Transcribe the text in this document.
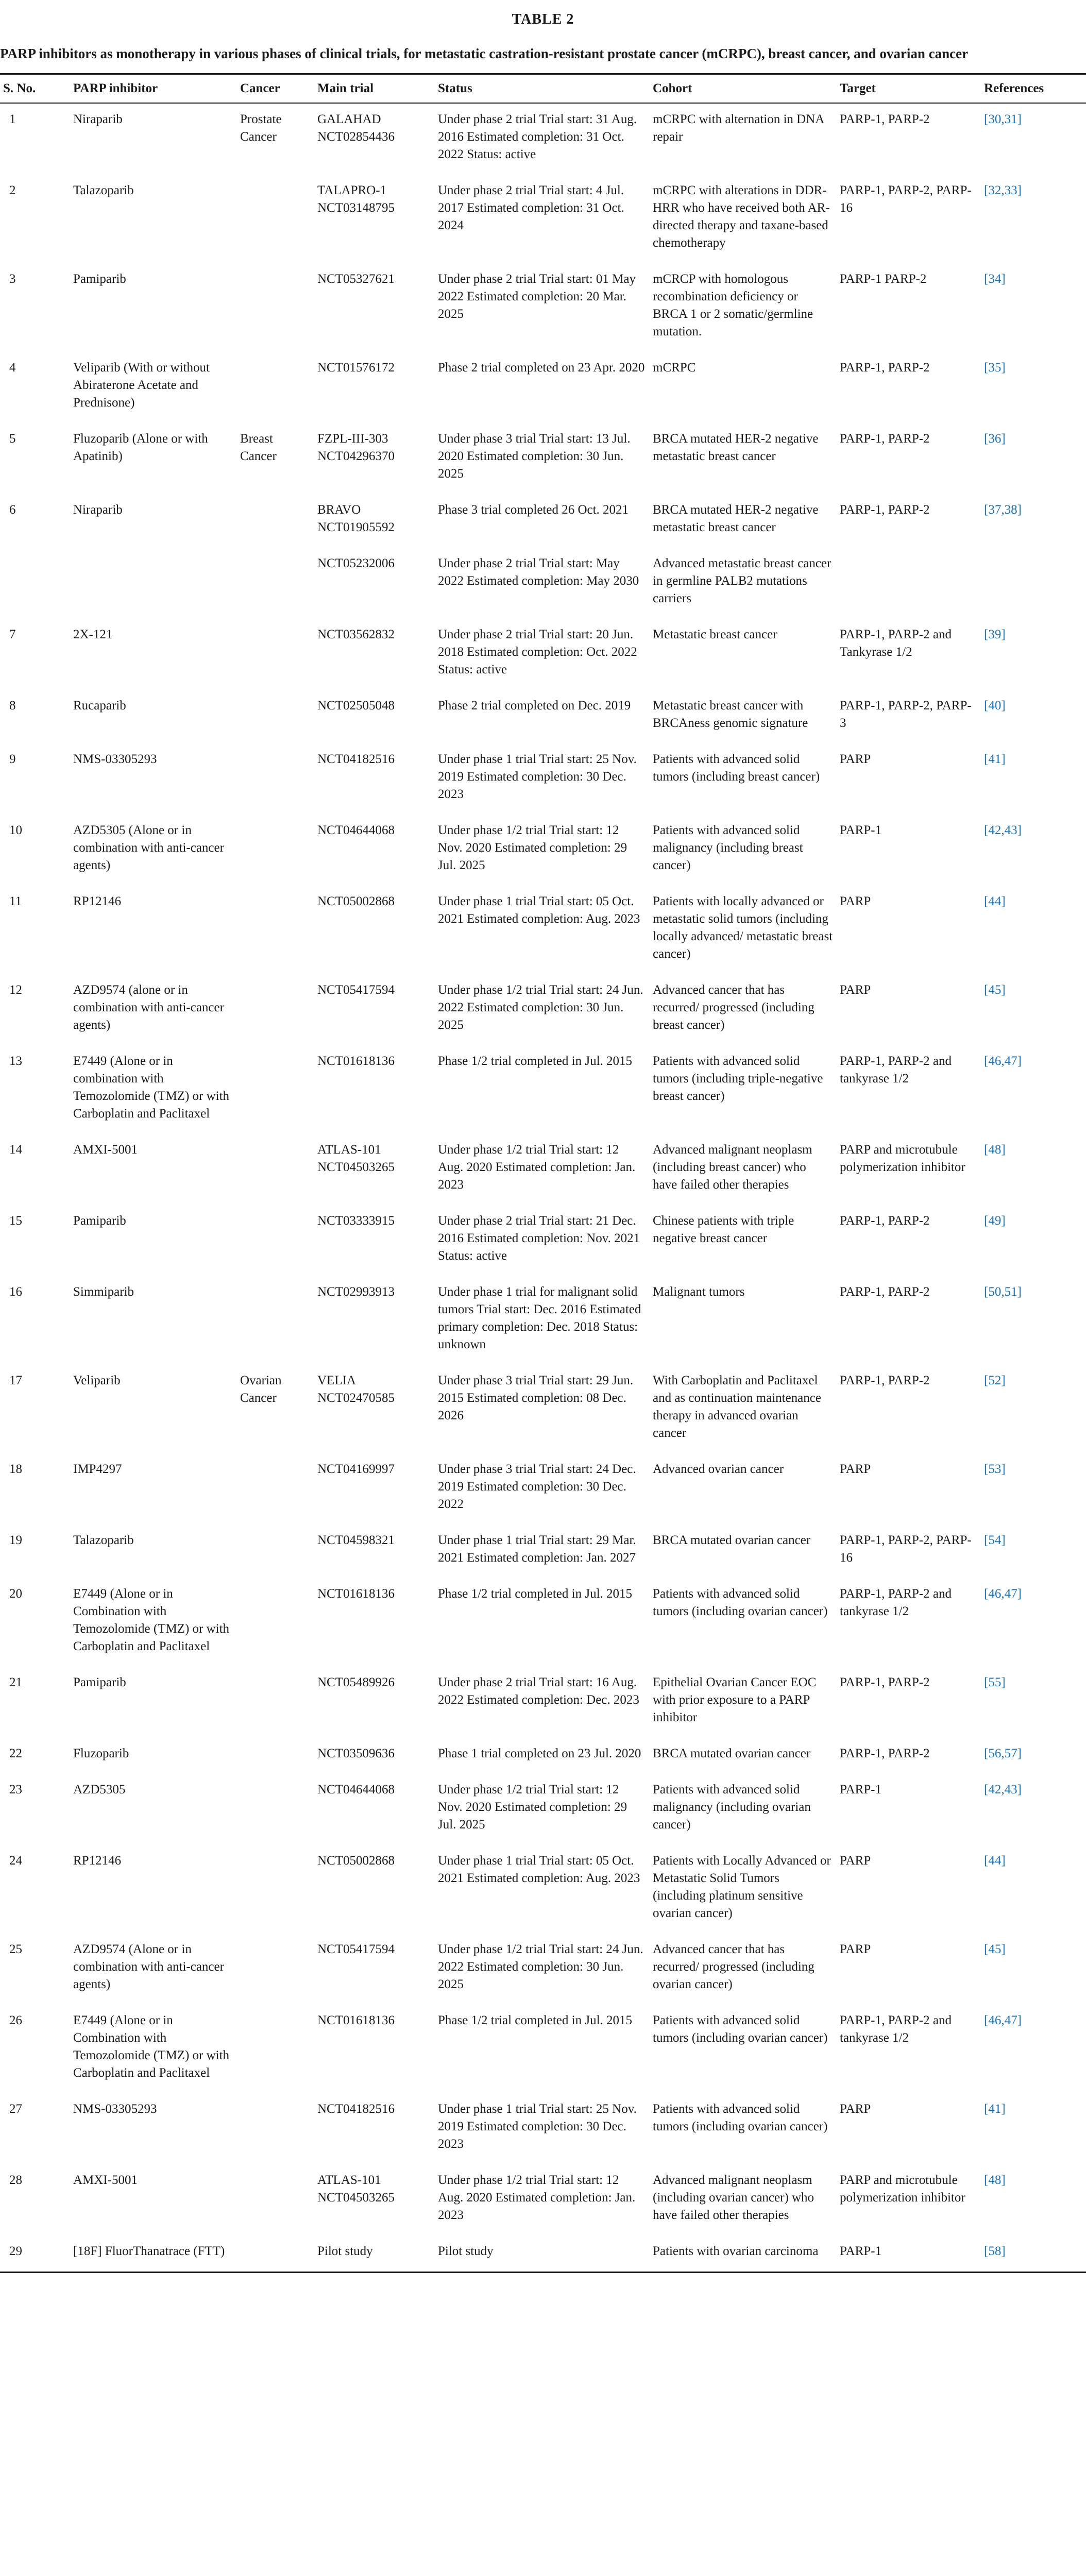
TABLE 2
PARP inhibitors as monotherapy in various phases of clinical trials, for metastatic castration-resistant prostate cancer (mCRPC), breast cancer, and ovarian cancer
S. No.	PARP inhibitor	Cancer	Main trial	Status	Cohort	Target	References
1	Niraparib	Prostate Cancer	GALAHAD NCT02854436	Under phase 2 trial Trial start: 31 Aug. 2016 Estimated completion: 31 Oct. 2022 Status: active	mCRPC with alternation in DNA repair	PARP-1, PARP-2	[30,31]
2	Talazoparib		TALAPRO-1 NCT03148795	Under phase 2 trial Trial start: 4 Jul. 2017 Estimated completion: 31 Oct. 2024	mCRPC with alterations in DDR-HRR who have received both AR-directed therapy and taxane-based chemotherapy	PARP-1, PARP-2, PARP-16	[32,33]
3	Pamiparib		NCT05327621	Under phase 2 trial Trial start: 01 May 2022 Estimated completion: 20 Mar. 2025	mCRCP with homologous recombination deficiency or BRCA 1 or 2 somatic/germline mutation.	PARP-1 PARP-2	[34]
4	Veliparib (With or without Abiraterone Acetate and Prednisone)		NCT01576172	Phase 2 trial completed on 23 Apr. 2020	mCRPC	PARP-1, PARP-2	[35]
5	Fluzoparib (Alone or with Apatinib)	Breast Cancer	FZPL-III-303 NCT04296370	Under phase 3 trial Trial start: 13 Jul. 2020 Estimated completion: 30 Jun. 2025	BRCA mutated HER-2 negative metastatic breast cancer	PARP-1, PARP-2	[36]
6	Niraparib		BRAVO NCT01905592	Phase 3 trial completed 26 Oct. 2021	BRCA mutated HER-2 negative metastatic breast cancer	PARP-1, PARP-2	[37,38]
			NCT05232006	Under phase 2 trial Trial start: May 2022 Estimated completion: May 2030	Advanced metastatic breast cancer in germline PALB2 mutations carriers		
7	2X-121		NCT03562832	Under phase 2 trial Trial start: 20 Jun. 2018 Estimated completion: Oct. 2022 Status: active	Metastatic breast cancer	PARP-1, PARP-2 and Tankyrase 1/2	[39]
8	Rucaparib		NCT02505048	Phase 2 trial completed on Dec. 2019	Metastatic breast cancer with BRCAness genomic signature	PARP-1, PARP-2, PARP-3	[40]
9	NMS-03305293		NCT04182516	Under phase 1 trial Trial start: 25 Nov. 2019 Estimated completion: 30 Dec. 2023	Patients with advanced solid tumors (including breast cancer)	PARP	[41]
10	AZD5305 (Alone or in combination with anti-cancer agents)		NCT04644068	Under phase 1/2 trial Trial start: 12 Nov. 2020 Estimated completion: 29 Jul. 2025	Patients with advanced solid malignancy (including breast cancer)	PARP-1	[42,43]
11	RP12146		NCT05002868	Under phase 1 trial Trial start: 05 Oct. 2021 Estimated completion: Aug. 2023	Patients with locally advanced or metastatic solid tumors (including locally advanced/ metastatic breast cancer)	PARP	[44]
12	AZD9574 (alone or in combination with anti-cancer agents)		NCT05417594	Under phase 1/2 trial Trial start: 24 Jun. 2022 Estimated completion: 30 Jun. 2025	Advanced cancer that has recurred/ progressed (including breast cancer)	PARP	[45]
13	E7449 (Alone or in combination with Temozolomide (TMZ) or with Carboplatin and Paclitaxel		NCT01618136	Phase 1/2 trial completed in Jul. 2015	Patients with advanced solid tumors (including triple-negative breast cancer)	PARP-1, PARP-2 and tankyrase 1/2	[46,47]
14	AMXI-5001		ATLAS-101 NCT04503265	Under phase 1/2 trial Trial start: 12 Aug. 2020 Estimated completion: Jan. 2023	Advanced malignant neoplasm (including breast cancer) who have failed other therapies	PARP and microtubule polymerization inhibitor	[48]
15	Pamiparib		NCT03333915	Under phase 2 trial Trial start: 21 Dec. 2016 Estimated completion: Nov. 2021 Status: active	Chinese patients with triple negative breast cancer	PARP-1, PARP-2	[49]
16	Simmiparib		NCT02993913	Under phase 1 trial for malignant solid tumors Trial start: Dec. 2016 Estimated primary completion: Dec. 2018 Status: unknown	Malignant tumors	PARP-1, PARP-2	[50,51]
17	Veliparib	Ovarian Cancer	VELIA NCT02470585	Under phase 3 trial Trial start: 29 Jun. 2015 Estimated completion: 08 Dec. 2026	With Carboplatin and Paclitaxel and as continuation maintenance therapy in advanced ovarian cancer	PARP-1, PARP-2	[52]
18	IMP4297		NCT04169997	Under phase 3 trial Trial start: 24 Dec. 2019 Estimated completion: 30 Dec. 2022	Advanced ovarian cancer	PARP	[53]
19	Talazoparib		NCT04598321	Under phase 1 trial Trial start: 29 Mar. 2021 Estimated completion: Jan. 2027	BRCA mutated ovarian cancer	PARP-1, PARP-2, PARP-16	[54]
20	E7449 (Alone or in Combination with Temozolomide (TMZ) or with Carboplatin and Paclitaxel		NCT01618136	Phase 1/2 trial completed in Jul. 2015	Patients with advanced solid tumors (including ovarian cancer)	PARP-1, PARP-2 and tankyrase 1/2	[46,47]
21	Pamiparib		NCT05489926	Under phase 2 trial Trial start: 16 Aug. 2022 Estimated completion: Dec. 2023	Epithelial Ovarian Cancer EOC with prior exposure to a PARP inhibitor	PARP-1, PARP-2	[55]
22	Fluzoparib		NCT03509636	Phase 1 trial completed on 23 Jul. 2020	BRCA mutated ovarian cancer	PARP-1, PARP-2	[56,57]
23	AZD5305		NCT04644068	Under phase 1/2 trial Trial start: 12 Nov. 2020 Estimated completion: 29 Jul. 2025	Patients with advanced solid malignancy (including ovarian cancer)	PARP-1	[42,43]
24	RP12146		NCT05002868	Under phase 1 trial Trial start: 05 Oct. 2021 Estimated completion: Aug. 2023	Patients with Locally Advanced or Metastatic Solid Tumors (including platinum sensitive ovarian cancer)	PARP	[44]
25	AZD9574 (Alone or in combination with anti-cancer agents)		NCT05417594	Under phase 1/2 trial Trial start: 24 Jun. 2022 Estimated completion: 30 Jun. 2025	Advanced cancer that has recurred/ progressed (including ovarian cancer)	PARP	[45]
26	E7449 (Alone or in Combination with Temozolomide (TMZ) or with Carboplatin and Paclitaxel		NCT01618136	Phase 1/2 trial completed in Jul. 2015	Patients with advanced solid tumors (including ovarian cancer)	PARP-1, PARP-2 and tankyrase 1/2	[46,47]
27	NMS-03305293		NCT04182516	Under phase 1 trial Trial start: 25 Nov. 2019 Estimated completion: 30 Dec. 2023	Patients with advanced solid tumors (including ovarian cancer)	PARP	[41]
28	AMXI-5001		ATLAS-101 NCT04503265	Under phase 1/2 trial Trial start: 12 Aug. 2020 Estimated completion: Jan. 2023	Advanced malignant neoplasm (including ovarian cancer) who have failed other therapies	PARP and microtubule polymerization inhibitor	[48]
29	[18F] FluorThanatrace (FTT)		Pilot study	Pilot study	Patients with ovarian carcinoma	PARP-1	[58]
